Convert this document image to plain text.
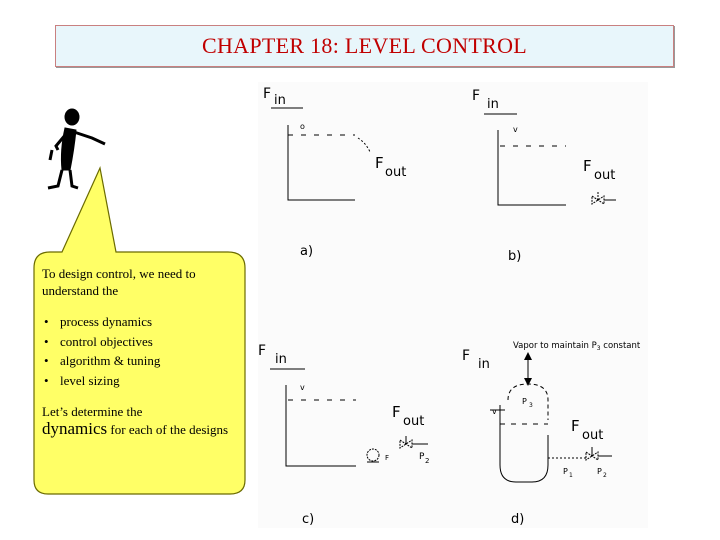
CHAPTER 18: LEVEL CONTROL

To design control, we need to understand the

• process dynamics
• control objectives
• algorithm & tuning
• level sizing

Let’s determine the
dynamics for each of the designs

F in
o
F
out
a)
F
in
v
F
out
b)
F
in
v
F
out
F	P 2
c)
F
in
Vapor to maintain $P_3$ constant
P 3
v
F
out
P 1	P 2
d)
